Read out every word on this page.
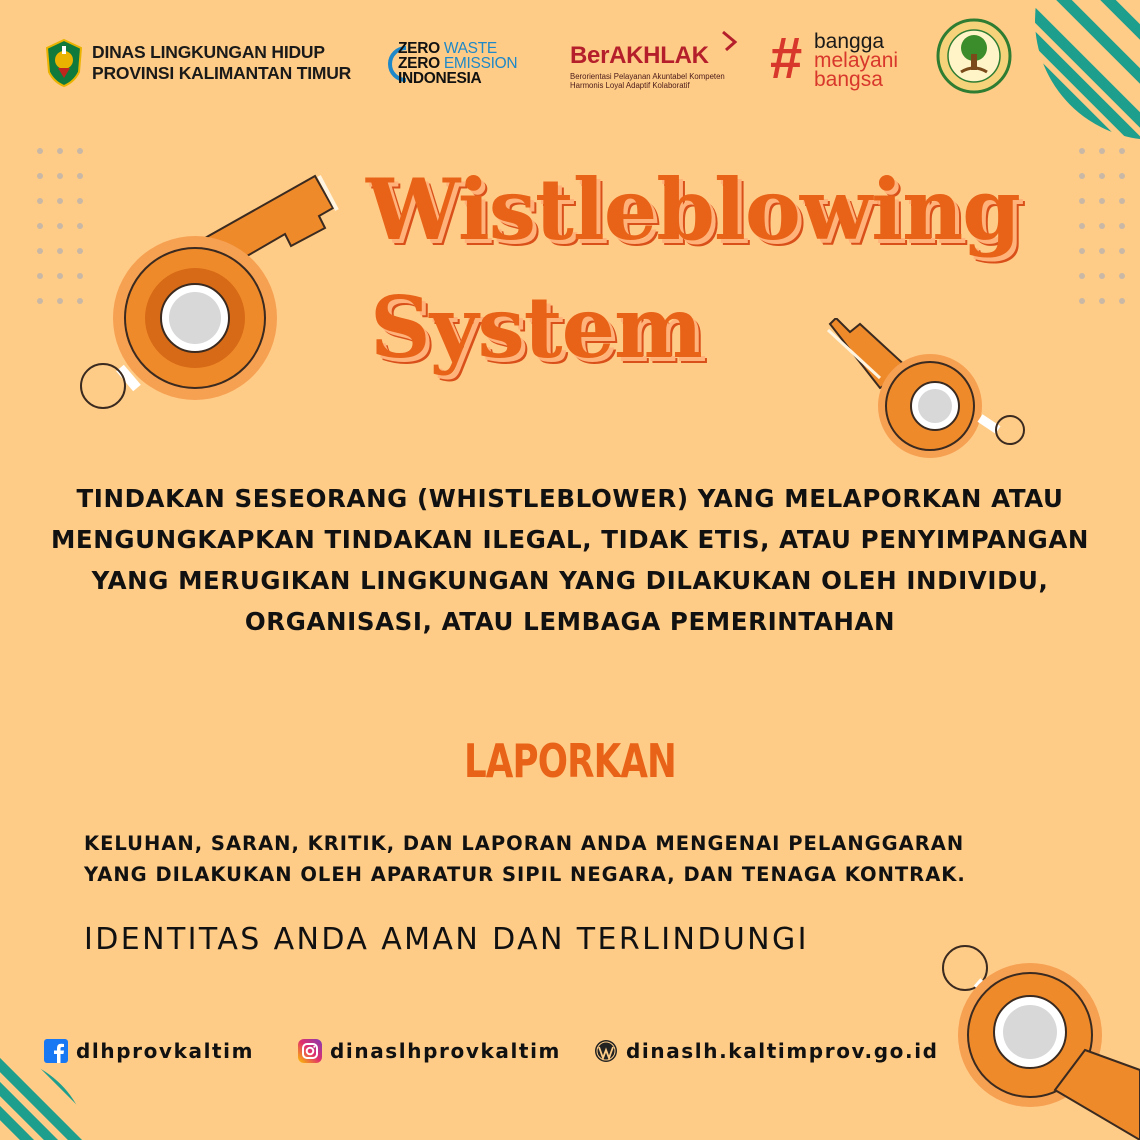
DINAS LINGKUNGAN HIDUP
PROVINSI KALIMANTAN TIMUR
ZERO WASTE
ZERO EMISSION
INDONESIA
BerAKHLAK
Berorientasi Pelayanan Akuntabel Kompeten
Harmonis Loyal Adaptif Kolaboratif # bangga
melayani
bangsa
Wistleblowing
System
TINDAKAN SESEORANG (WHISTLEBLOWER) YANG MELAPORKAN ATAU MENGUNGKAPKAN TINDAKAN ILEGAL, TIDAK ETIS, ATAU PENYIMPANGAN YANG MERUGIKAN LINGKUNGAN YANG DILAKUKAN OLEH INDIVIDU, ORGANISASI, ATAU LEMBAGA PEMERINTAHAN
LAPORKAN
KELUHAN, SARAN, KRITIK, DAN LAPORAN ANDA MENGENAI PELANGGARAN
YANG DILAKUKAN OLEH APARATUR SIPIL NEGARA, DAN TENAGA KONTRAK.
IDENTITAS ANDA AMAN DAN TERLINDUNGI
dlhprovkaltim	dinaslhprovkaltim	dinaslh.kaltimprov.go.id
